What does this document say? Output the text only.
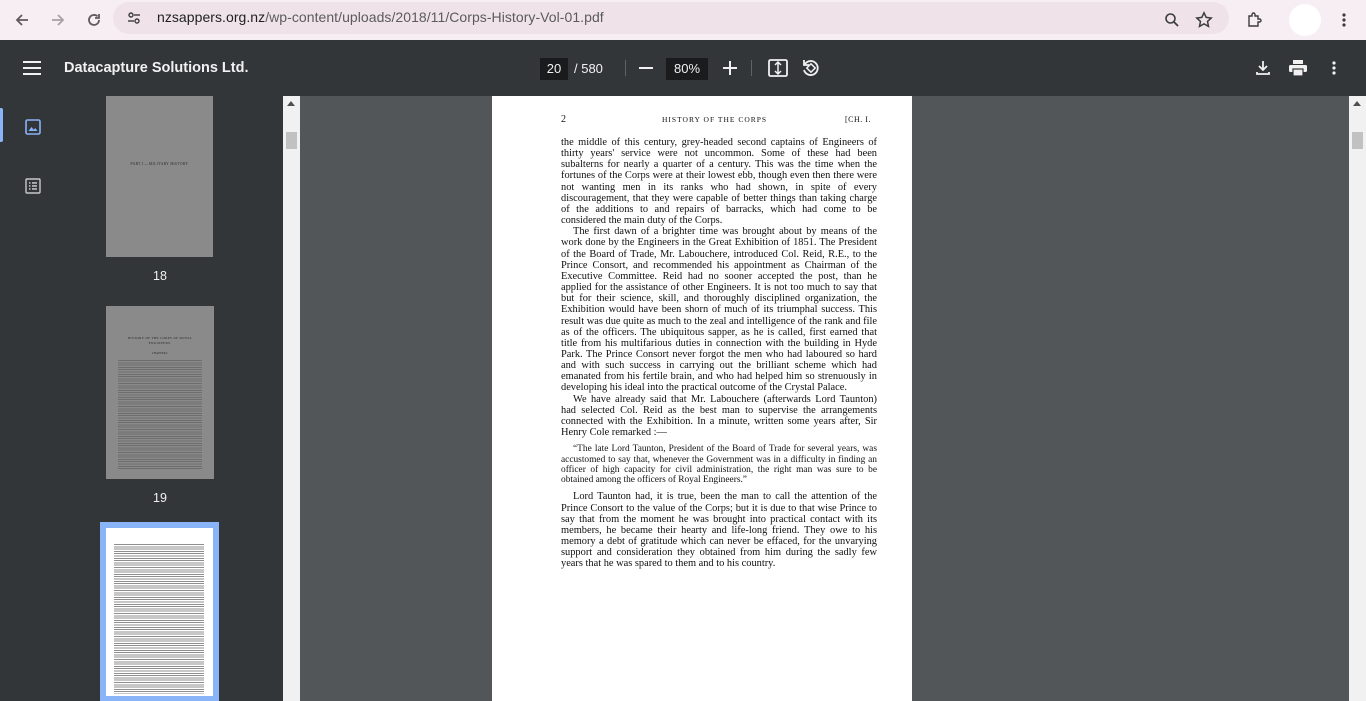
nzsappers.org.nz/wp-content/uploads/2018/11/Corps-History-Vol-01.pdf
Datacapture Solutions Ltd.	20 / 580	80%
PART I.—MILITARY HISTORY
18
HISTORY OF THE CORPS OF ROYAL ENGINEERS.
CHAPTER I.
19
2	HISTORY OF THE CORPS	[CH. I.

the middle of this century, grey-headed second captains of Engineers of thirty years' service were not uncommon. Some of these had been subalterns for nearly a quarter of a century. This was the time when the fortunes of the Corps were at their lowest ebb, though even then there were not wanting men in its ranks who had shown, in spite of every discouragement, that they were capable of better things than taking charge of the additions to and repairs of barracks, which had come to be considered the main duty of the Corps.

The first dawn of a brighter time was brought about by means of the work done by the Engineers in the Great Exhibition of 1851. The President of the Board of Trade, Mr. Labouchere, introduced Col. Reid, R.E., to the Prince Consort, and recommended his appointment as Chairman of the Executive Committee. Reid had no sooner accepted the post, than he applied for the assistance of other Engineers. It is not too much to say that but for their science, skill, and thoroughly disciplined organization, the Exhibition would have been shorn of much of its triumphal success. This result was due quite as much to the zeal and intelligence of the rank and file as of the officers. The ubiquitous sapper, as he is called, first earned that title from his multifarious duties in connection with the building in Hyde Park. The Prince Consort never forgot the men who had laboured so hard and with such success in carrying out the brilliant scheme which had emanated from his fertile brain, and who had helped him so strenuously in developing his ideal into the practical outcome of the Crystal Palace.

We have already said that Mr. Labouchere (afterwards Lord Taunton) had selected Col. Reid as the best man to supervise the arrangements connected with the Exhibition. In a minute, written some years after, Sir Henry Cole remarked :—

“The late Lord Taunton, President of the Board of Trade for several years, was accustomed to say that, whenever the Government was in a difficulty in finding an officer of high capacity for civil administration, the right man was sure to be obtained among the officers of Royal Engineers.”

Lord Taunton had, it is true, been the man to call the attention of the Prince Consort to the value of the Corps; but it is due to that wise Prince to say that from the moment he was brought into practical contact with its members, he became their hearty and life-long friend. They owe to his memory a debt of gratitude which can never be effaced, for the unvarying support and consideration they obtained from him during the sadly few years that he was spared to them and to his country.
